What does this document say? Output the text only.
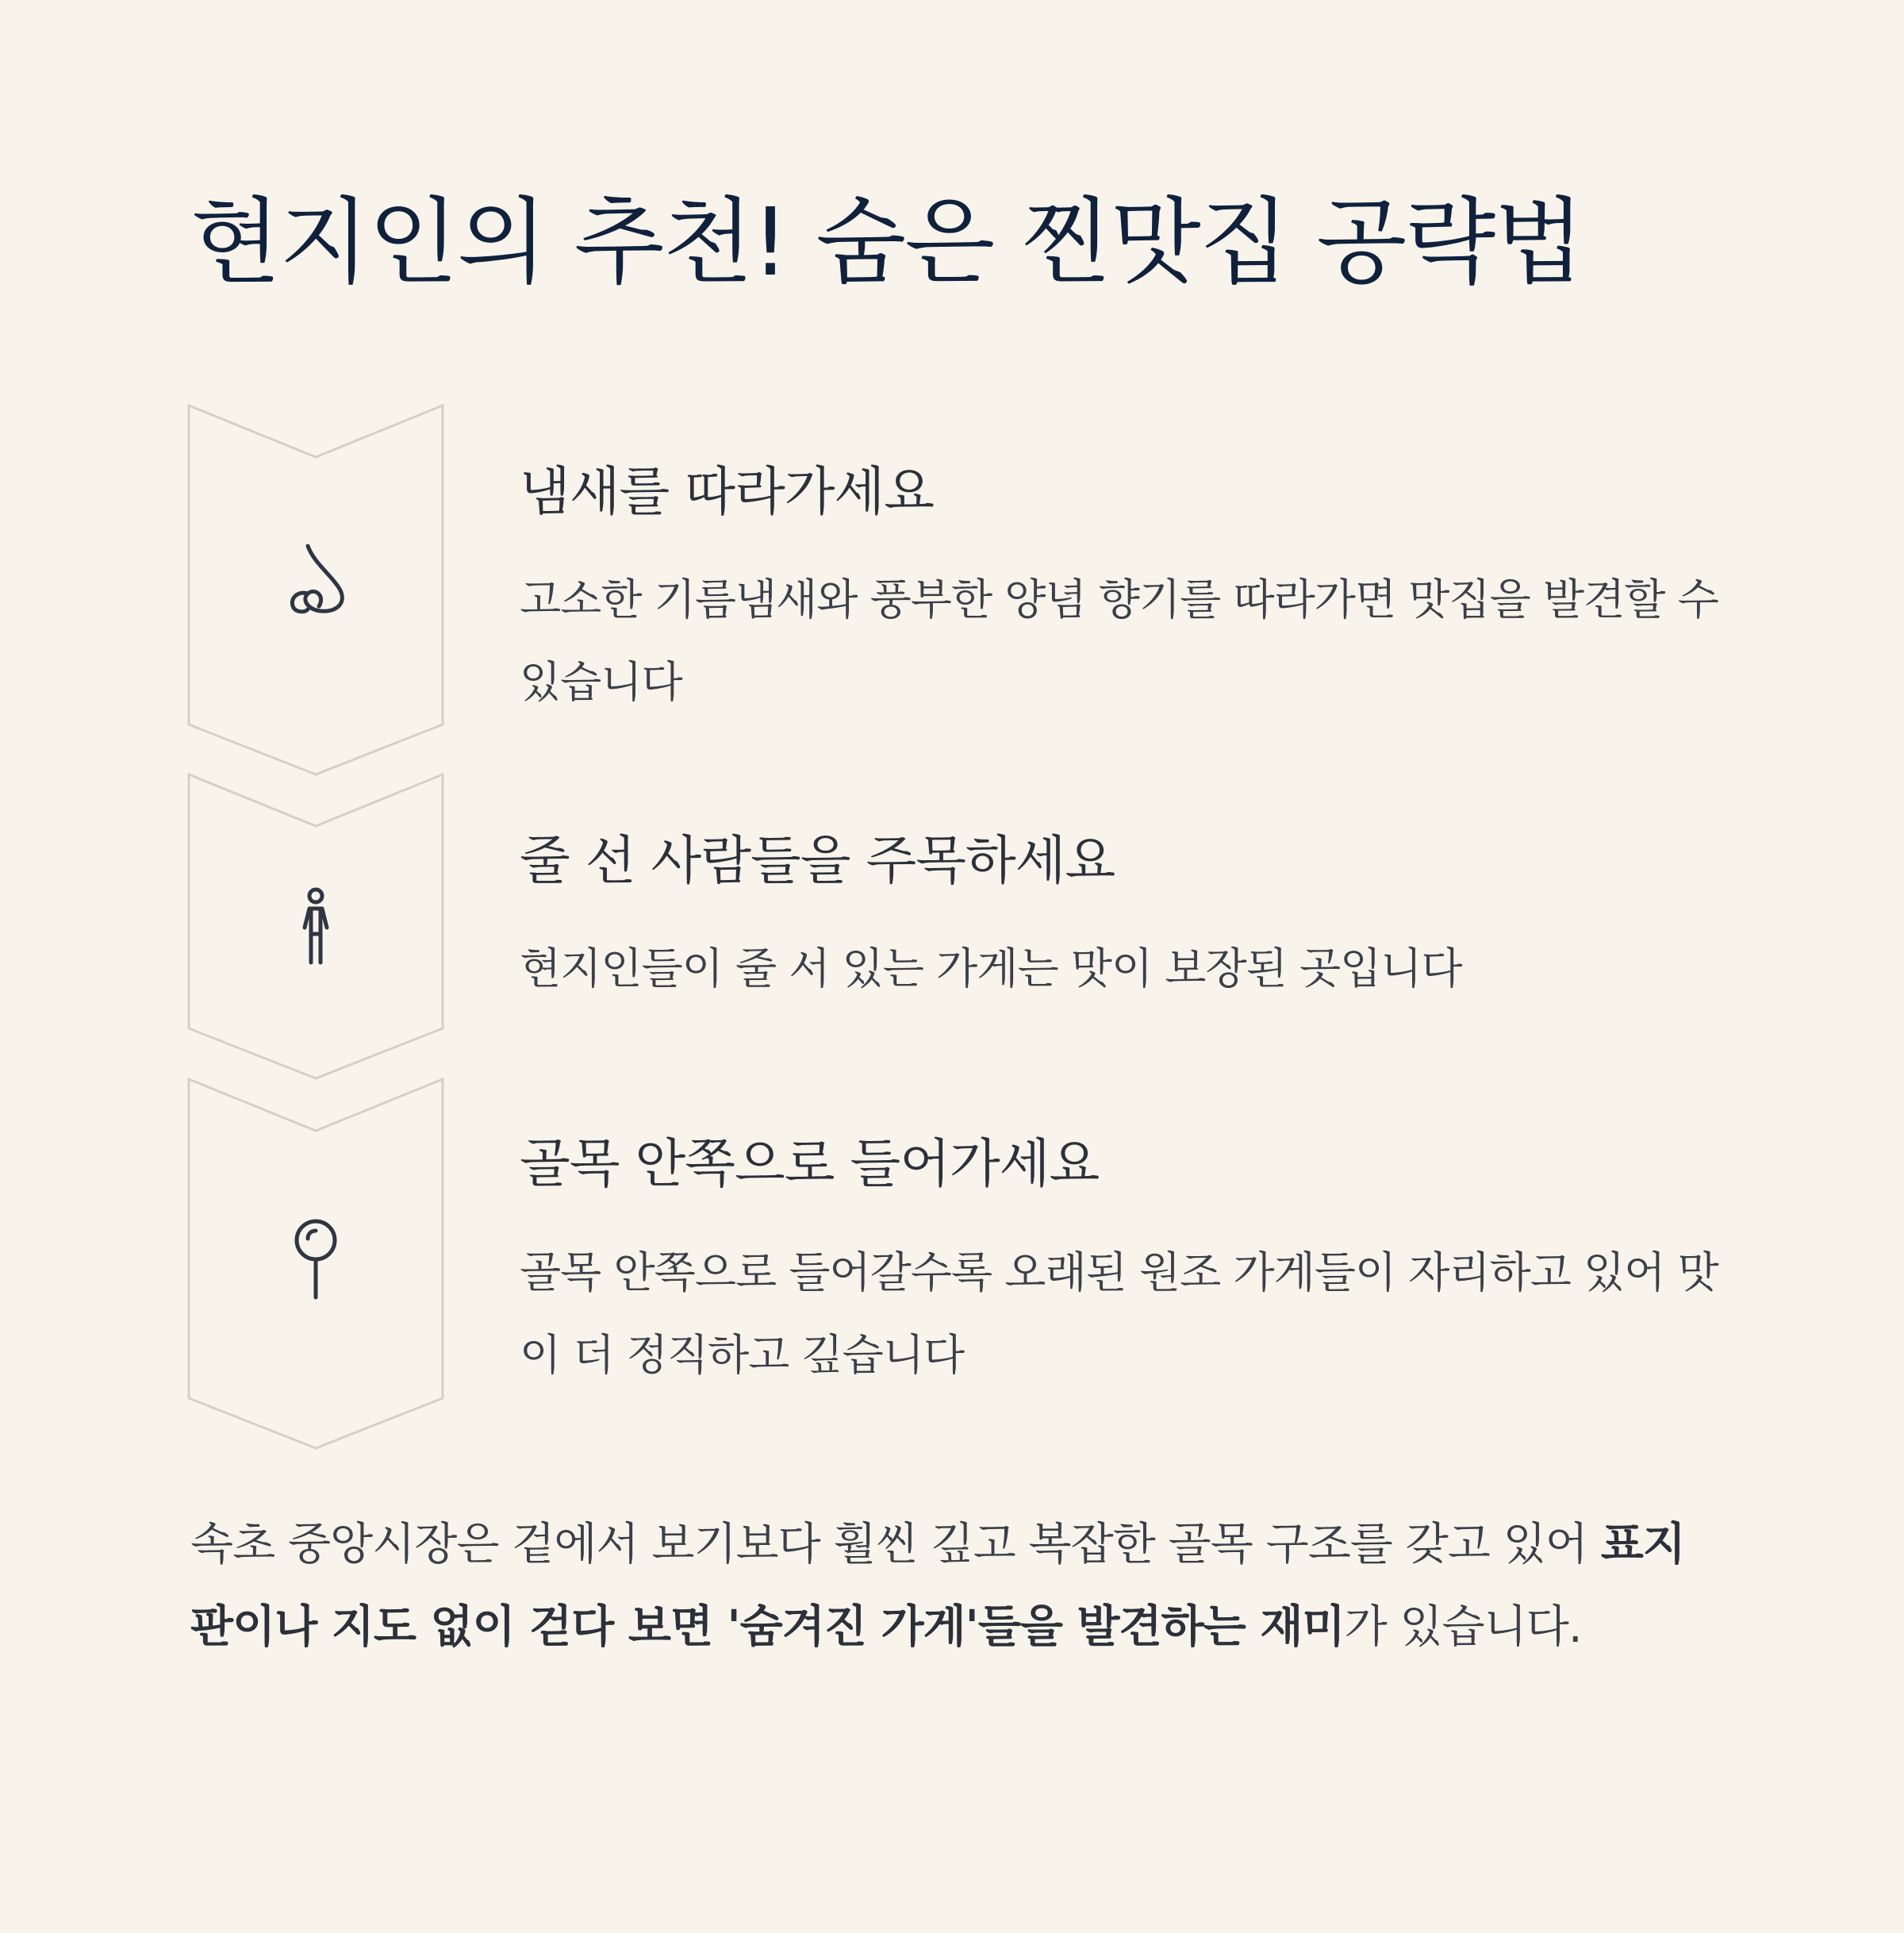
현지인의 추천! 숨은 찐맛집 공략법
냄새를 따라가세요

고소한 기름냄새와 풍부한 양념 향기를 따라가면 맛집을 발견할 수 있습니다

줄 선 사람들을 주목하세요

현지인들이 줄 서 있는 가게는 맛이 보장된 곳입니다

골목 안쪽으로 들어가세요

골목 안쪽으로 들어갈수록 오래된 원조 가게들이 자리하고 있어 맛이 더 정직하고 깊습니다

속초 중앙시장은 겉에서 보기보다 훨씬 깊고 복잡한 골목 구조를 갖고 있어 표지판이나 지도 없이 걷다 보면 '숨겨진 가게'들을 발견하는 재미가 있습니다.
